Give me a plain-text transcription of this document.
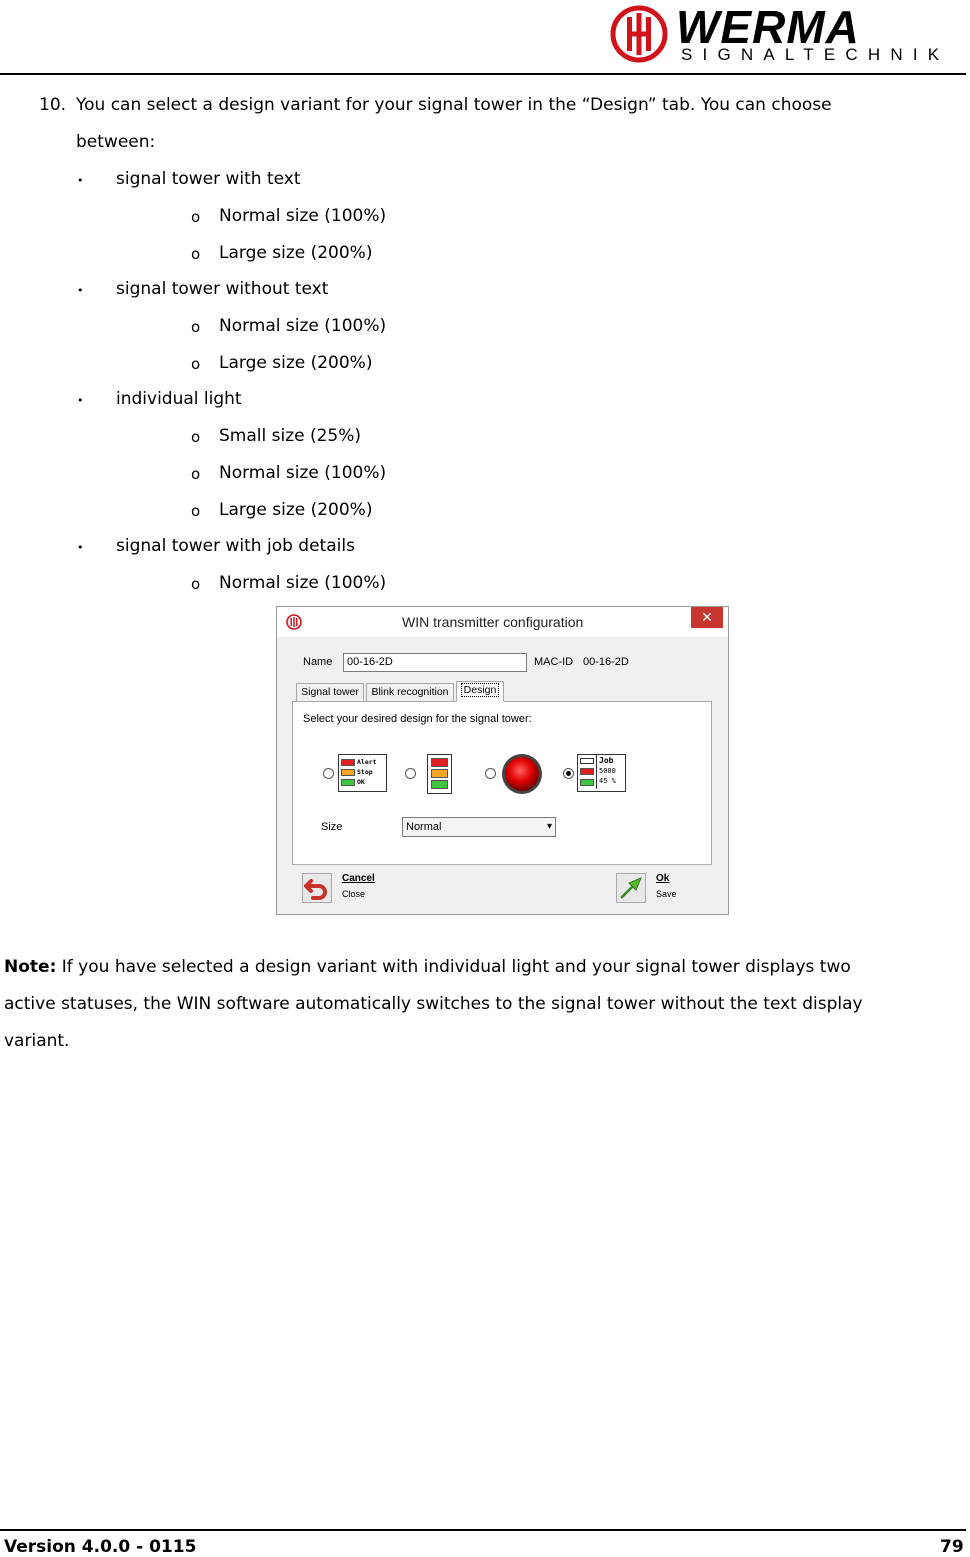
WERMA
SIGNALTECHNIK
10. You can select a design variant for your signal tower in the “Design” tab. You can choose
between:
• signal tower with text
o Normal size (100%)
o Large size (200%)
• signal tower without text
o Normal size (100%)
o Large size (200%)
• individual light
o Small size (25%)
o Normal size (100%)
o Large size (200%)
• signal tower with job details
o Normal size (100%)
WIN transmitter configuration	✕
Name	00-16-2D	MAC-ID 00-16-2D
Signal tower	Blink recognition	Design
Select your desired design for the signal tower:
Alert
Stop
OK
Job
5000
45 %
Size	Normal	▾
Cancel
Close
Ok
Save
Note: If you have selected a design variant with individual light and your signal tower displays two
active statuses, the WIN software automatically switches to the signal tower without the text display
variant.
Version 4.0.0 - 0115	79
